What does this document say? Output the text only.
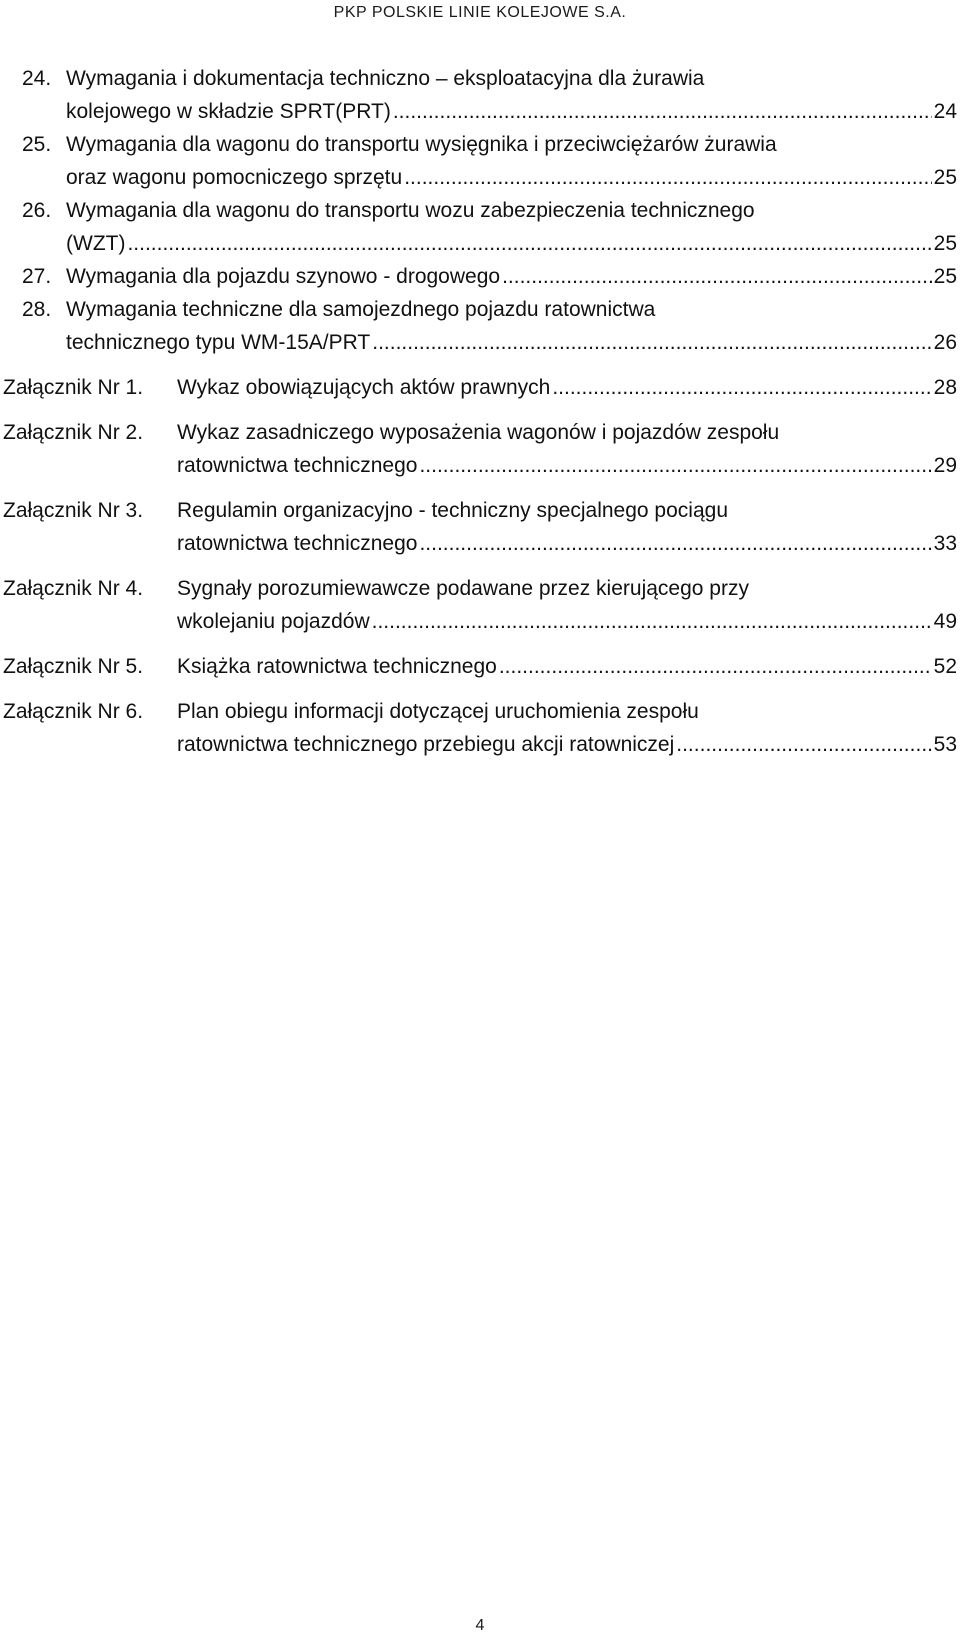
PKP POLSKIE LINIE KOLEJOWE S.A.
24. Wymagania i dokumentacja techniczno – eksploatacyjna dla żurawia
kolejowego w składzie SPRT(PRT) .....	24
25. Wymagania dla wagonu do transportu wysięgnika i przeciwciężarów żurawia
oraz wagonu pomocniczego sprzętu .....	25
26. Wymagania dla wagonu do transportu wozu zabezpieczenia technicznego
(WZT) .....	25
27. Wymagania dla pojazdu szynowo - drogowego .....	25
28. Wymagania techniczne dla samojezdnego pojazdu ratownictwa
technicznego typu WM-15A/PRT .....	26
Załącznik Nr 1. Wykaz obowiązujących aktów prawnych .....	28
Załącznik Nr 2. Wykaz zasadniczego wyposażenia wagonów i pojazdów zespołu
ratownictwa technicznego .....	29
Załącznik Nr 3. Regulamin organizacyjno - techniczny specjalnego pociągu
ratownictwa technicznego .....	33
Załącznik Nr 4. Sygnały porozumiewawcze podawane przez kierującego przy
wkolejaniu pojazdów .....	49
Załącznik Nr 5. Książka ratownictwa technicznego .....	52
Załącznik Nr 6. Plan obiegu informacji dotyczącej uruchomienia zespołu
ratownictwa technicznego przebiegu akcji ratowniczej .....	53
4
